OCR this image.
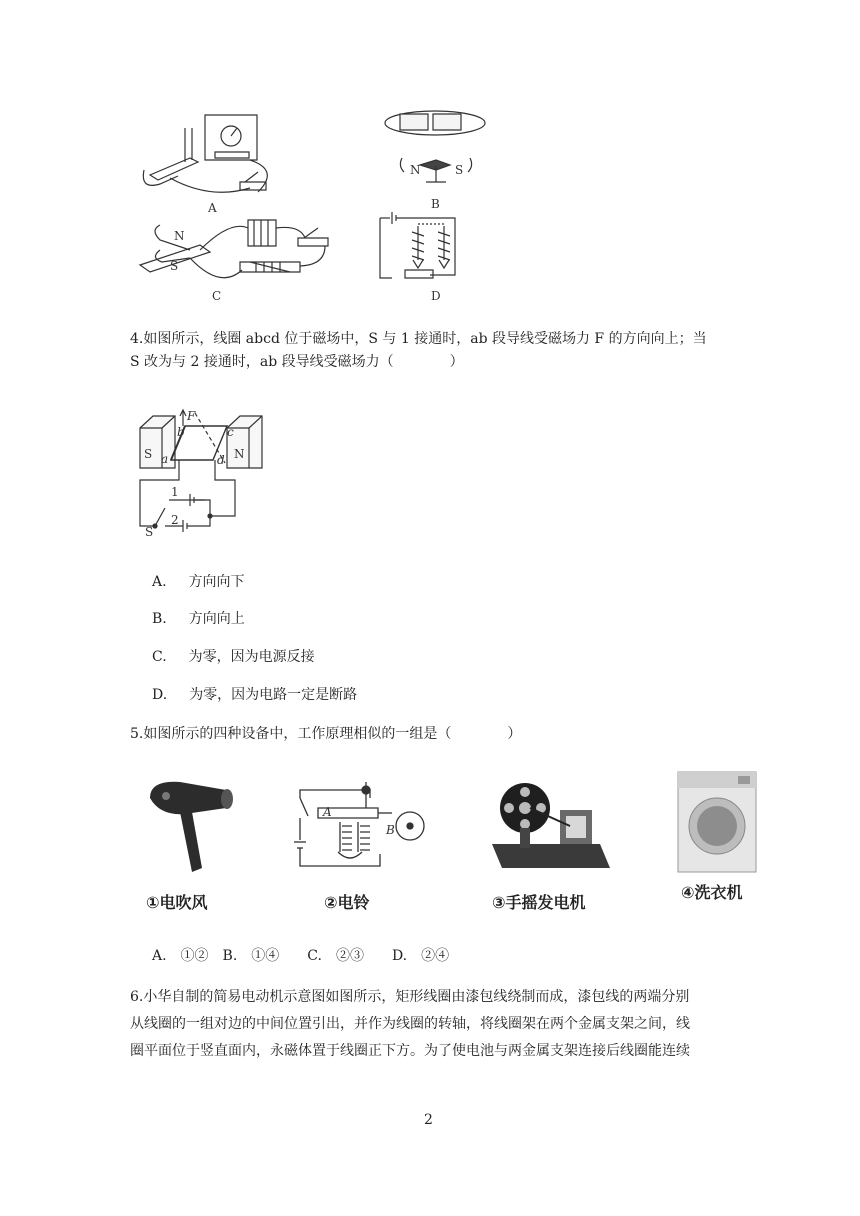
A	B
C	D
N	S
N
S
4.如图所示，线圈 abcd 位于磁场中，S 与 1 接通时，ab 段导线受磁场力 F 的方向向上；当
S 改为与 2 接通时，ab 段导线受磁场力（　　　　）
S	N
F
b
a
c
d
1
2
S
A. 方向向下
B. 方向向上
C. 为零，因为电源反接
D. 为零，因为电路一定是断路
5.如图所示的四种设备中，工作原理相似的一组是（　　　　）
①电吹风
A
B
②电铃	③手摇发电机
④洗衣机
A.　①②　B.　①④　　C.　②③　　D.　②④
6.小华自制的简易电动机示意图如图所示，矩形线圈由漆包线绕制而成，漆包线的两端分别
从线圈的一组对边的中间位置引出，并作为线圈的转轴，将线圈架在两个金属支架之间，线
圈平面位于竖直面内，永磁体置于线圈正下方。为了使电池与两金属支架连接后线圈能连续
2
